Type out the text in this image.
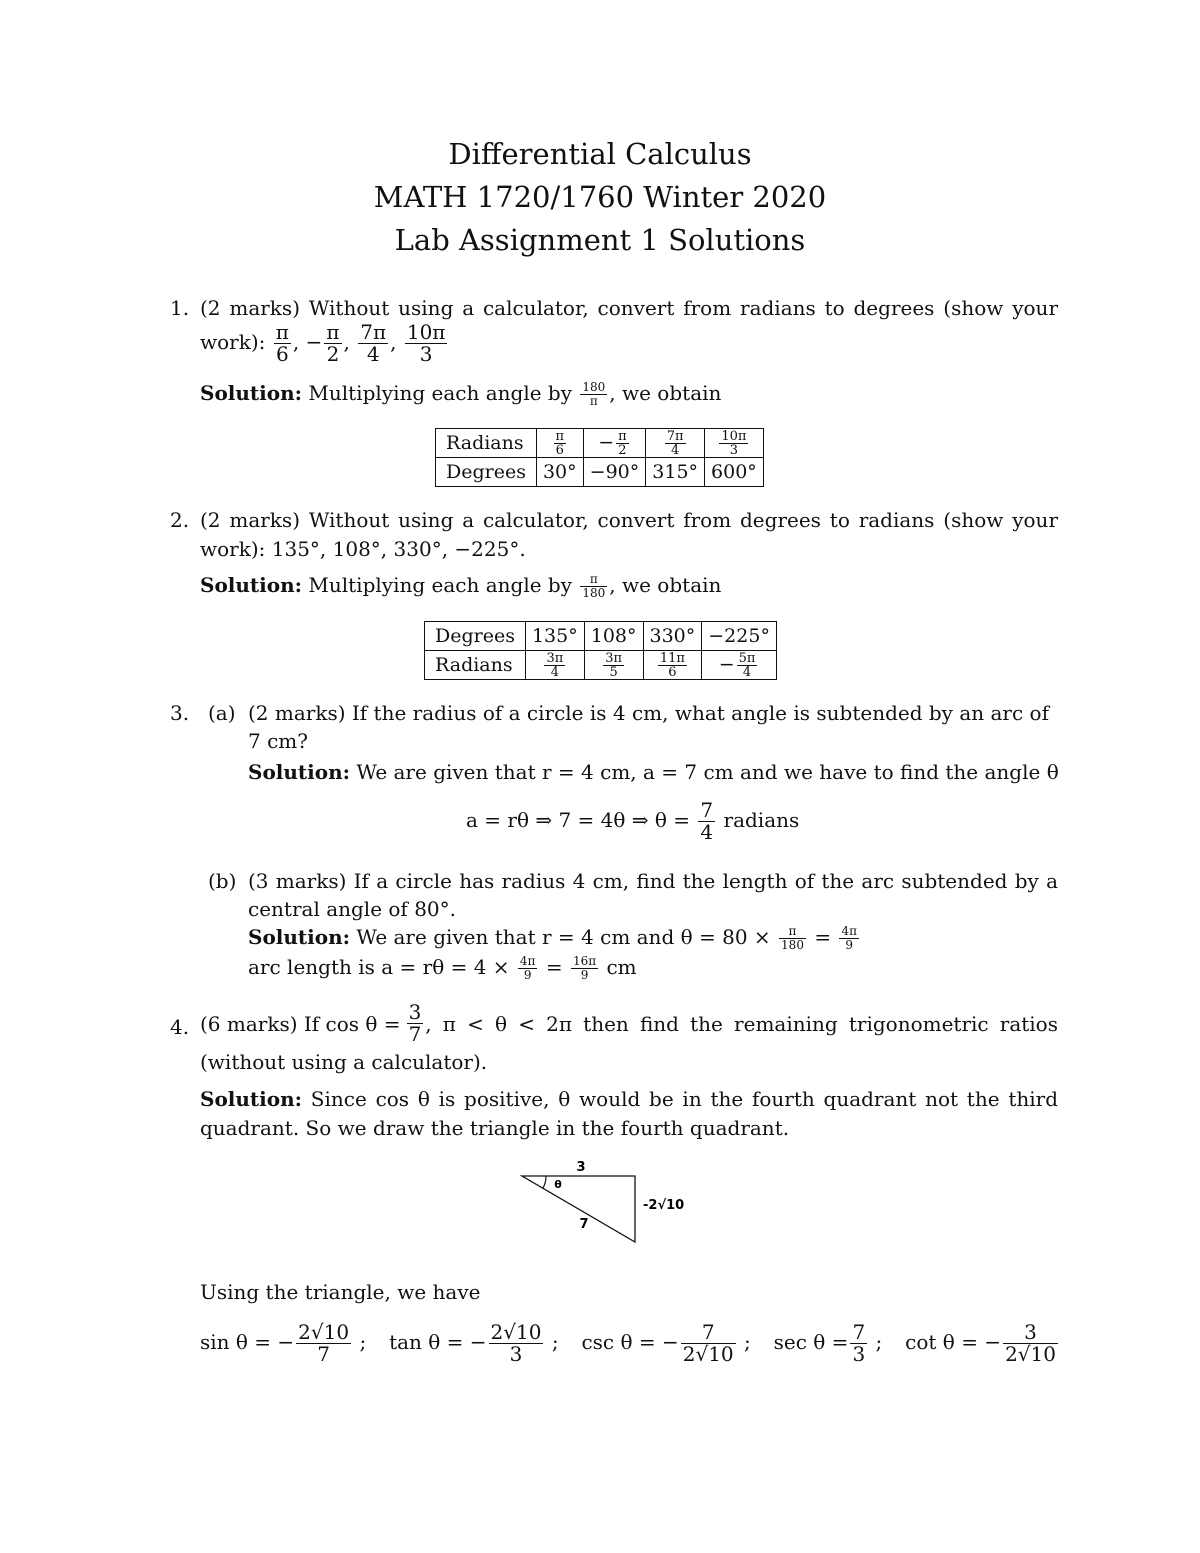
Differential Calculus
MATH 1720/1760 Winter 2020
Lab Assignment 1 Solutions
1. (2 marks) Without using a calculator, convert from radians to degrees (show your
work): $\frac{\pi}{6}$ , − $\frac{\pi}{2}$ , $\frac{7\pi}{4}$ , $\frac{10\pi}{3}$
Solution: Multiplying each angle by $\frac{180}{\pi}$ , we obtain
Radians	$\frac{\pi}{6}$	− $\frac{\pi}{2}$	$\frac{7\pi}{4}$	$\frac{10\pi}{3}$

Degrees	30°	−90°	315°	600°
2. (2 marks) Without using a calculator, convert from degrees to radians (show your
work): 135°, 108°, 330°, −225°.
Solution: Multiplying each angle by $\frac{\pi}{180}$ , we obtain
Degrees	135°	108°	330°	−225°
Radians	$\frac{3\pi}{4}$	$\frac{3\pi}{5}$	$\frac{11\pi}{6}$	− $\frac{5\pi}{4}$
3. (a) (2 marks) If the radius of a circle is 4 cm, what angle is subtended by an arc of
7 cm?
Solution: We are given that r = 4 cm, a = 7 cm and we have to find the angle θ
a = rθ ⇒ 7 = 4θ ⇒ $\theta = \frac{7}{4}$ radians
(b) (3 marks) If a circle has radius 4 cm, find the length of the arc subtended by a
central angle of 80°.
Solution: We are given that r = 4 cm and $\theta = 80 \times \frac{\pi}{180} = \frac{4\pi}{9}$
arc length is $a = r\theta = 4 \times \frac{4\pi}{9} = \frac{16\pi}{9}$ cm
4. (6 marks) If $\cos \theta = \frac{3}{7}$ , π < θ < 2π then find the remaining trigonometric ratios
(without using a calculator).
Solution: Since cos θ is positive, θ would be in the fourth quadrant not the third
quadrant. So we draw the triangle in the fourth quadrant.
3
θ
7
-2√10
Using the triangle, we have
sin θ = − $\frac{2√10}{7}$ ; tan θ = − $\frac{2√10}{3}$ ; csc θ = − $\frac{7}{2√10}$ ; $\sec \theta = \frac{7}{3}$ ; cot θ = − $\frac{3}{2√10}$
